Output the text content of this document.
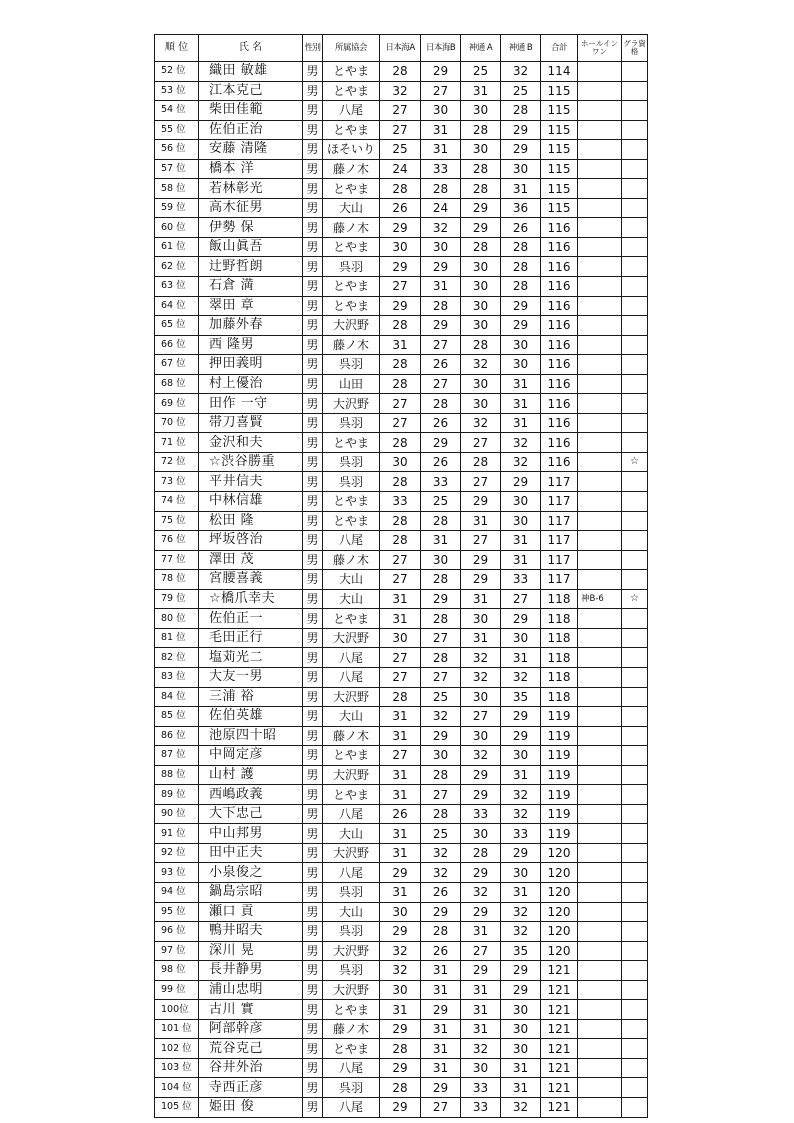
順 位	氏 名	性別	所属協会	日本海A	日本海B	神通 A	神通 B	合計	ホールインワン	グラ資格
52 位	織田 敏雄	男	とやま	28	29	25	32	114		
53 位	江本克己	男	とやま	32	27	31	25	115		
54 位	柴田佳範	男	八尾	27	30	30	28	115		
55 位	佐伯正治	男	とやま	27	31	28	29	115		
56 位	安藤 清隆	男	ほそいり	25	31	30	29	115		
57 位	橋本 洋	男	藤ノ木	24	33	28	30	115		
58 位	若林彰光	男	とやま	28	28	28	31	115		
59 位	高木征男	男	大山	26	24	29	36	115		
60 位	伊勢 保	男	藤ノ木	29	32	29	26	116		
61 位	飯山眞吾	男	とやま	30	30	28	28	116		
62 位	辻野哲朗	男	呉羽	29	29	30	28	116		
63 位	石倉 満	男	とやま	27	31	30	28	116		
64 位	翠田 章	男	とやま	29	28	30	29	116		
65 位	加藤外春	男	大沢野	28	29	30	29	116		
66 位	西 隆男	男	藤ノ木	31	27	28	30	116		
67 位	押田義明	男	呉羽	28	26	32	30	116		
68 位	村上優治	男	山田	28	27	30	31	116		
69 位	田作 一守	男	大沢野	27	28	30	31	116		
70 位	帯刀喜賢	男	呉羽	27	26	32	31	116		
71 位	金沢和夫	男	とやま	28	29	27	32	116		
72 位	☆渋谷勝重	男	呉羽	30	26	28	32	116		☆
73 位	平井信夫	男	呉羽	28	33	27	29	117		
74 位	中林信雄	男	とやま	33	25	29	30	117		
75 位	松田 隆	男	とやま	28	28	31	30	117		
76 位	坪坂啓治	男	八尾	28	31	27	31	117		
77 位	澤田 茂	男	藤ノ木	27	30	29	31	117		
78 位	宮腰喜義	男	大山	27	28	29	33	117		
79 位	☆橋爪幸夫	男	大山	31	29	31	27	118	神B-6	☆
80 位	佐伯正一	男	とやま	31	28	30	29	118		
81 位	毛田正行	男	大沢野	30	27	31	30	118		
82 位	塩苅光二	男	八尾	27	28	32	31	118		
83 位	大友一男	男	八尾	27	27	32	32	118		
84 位	三浦 裕	男	大沢野	28	25	30	35	118		
85 位	佐伯英雄	男	大山	31	32	27	29	119		
86 位	池原四十昭	男	藤ノ木	31	29	30	29	119		
87 位	中岡定彦	男	とやま	27	30	32	30	119		
88 位	山村 護	男	大沢野	31	28	29	31	119		
89 位	西嶋政義	男	とやま	31	27	29	32	119		
90 位	大下忠己	男	八尾	26	28	33	32	119		
91 位	中山邦男	男	大山	31	25	30	33	119		
92 位	田中正夫	男	大沢野	31	32	28	29	120		
93 位	小泉俊之	男	八尾	29	32	29	30	120		
94 位	鍋島宗昭	男	呉羽	31	26	32	31	120		
95 位	瀬口 貢	男	大山	30	29	29	32	120		
96 位	鴨井昭夫	男	呉羽	29	28	31	32	120		
97 位	深川 晃	男	大沢野	32	26	27	35	120		
98 位	長井静男	男	呉羽	32	31	29	29	121		
99 位	浦山忠明	男	大沢野	30	31	31	29	121		
100位	古川 實	男	とやま	31	29	31	30	121		
101 位	阿部幹彦	男	藤ノ木	29	31	31	30	121		
102 位	荒谷克己	男	とやま	28	31	32	30	121		
103 位	谷井外治	男	八尾	29	31	30	31	121		
104 位	寺西正彦	男	呉羽	28	29	33	31	121		
105 位	姫田 俊	男	八尾	29	27	33	32	121		
